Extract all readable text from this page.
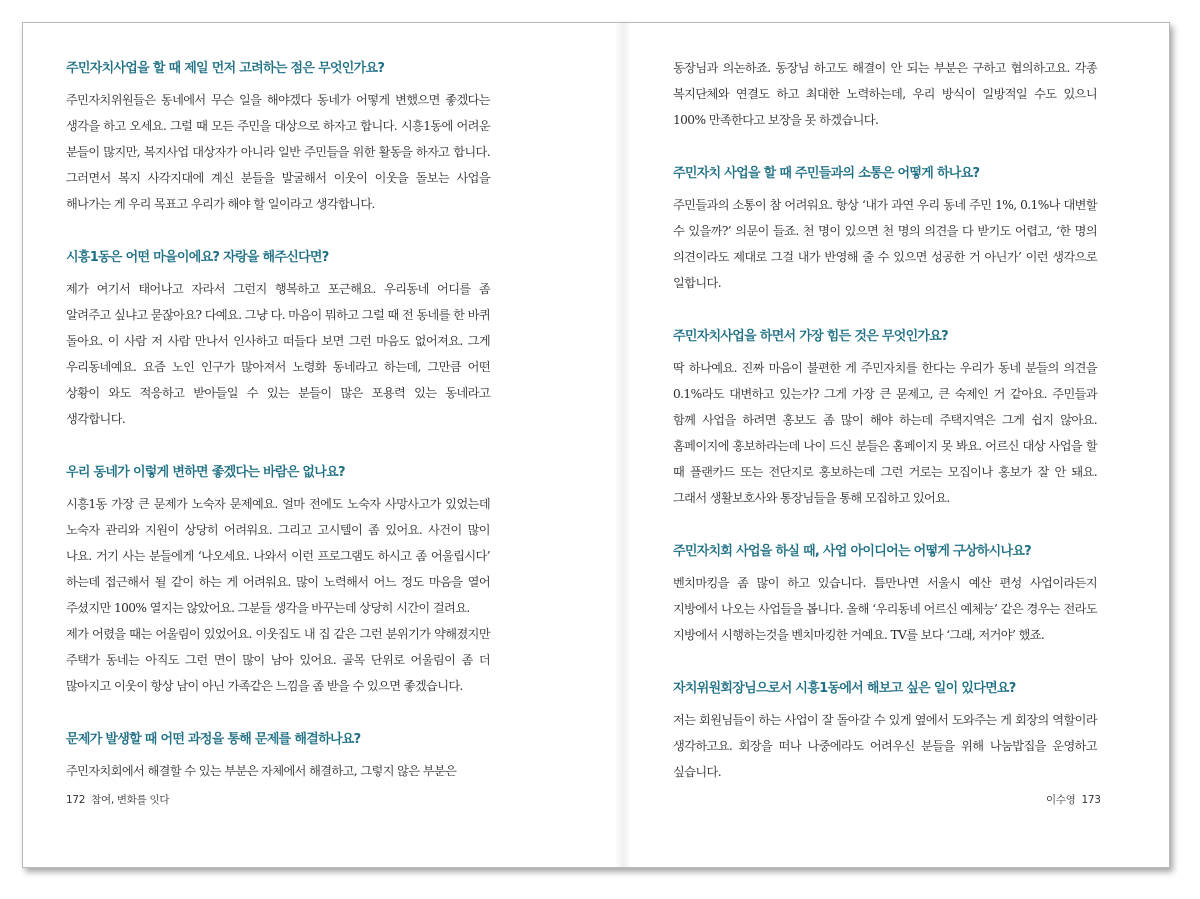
주민자치사업을 할 때 제일 먼저 고려하는 점은 무엇인가요?

주민자치위원들은 동네에서 무슨 일을 해야겠다 동네가 어떻게 변했으면 좋겠다는 생각을 하고 오세요. 그럴 때 모든 주민을 대상으로 하자고 합니다. 시흥1동에 어려운 분들이 많지만, 복지사업 대상자가 아니라 일반 주민들을 위한 활동을 하자고 합니다. 그러면서 복지 사각지대에 계신 분들을 발굴해서 이웃이 이웃을 돌보는 사업을 해나가는 게 우리 목표고 우리가 해야 할 일이라고 생각합니다.

시흥1동은 어떤 마을이에요? 자랑을 해주신다면?

제가 여기서 태어나고 자라서 그런지 행복하고 포근해요. 우리동네 어디를 좀 알려주고 싶냐고 묻잖아요? 다예요. 그냥 다. 마음이 뭐하고 그럴 때 전 동네를 한 바퀴 돌아요. 이 사람 저 사람 만나서 인사하고 떠들다 보면 그런 마음도 없어져요. 그게 우리동네예요. 요즘 노인 인구가 많아져서 노령화 동네라고 하는데, 그만큼 어떤 상황이 와도 적응하고 받아들일 수 있는 분들이 많은 포용력 있는 동네라고 생각합니다.

우리 동네가 이렇게 변하면 좋겠다는 바람은 없나요?

시흥1동 가장 큰 문제가 노숙자 문제예요. 얼마 전에도 노숙자 사망사고가 있었는데 노숙자 관리와 지원이 상당히 어려워요. 그리고 고시텔이 좀 있어요. 사건이 많이 나요. 거기 사는 분들에게 ‘나오세요. 나와서 이런 프로그램도 하시고 좀 어울립시다’ 하는데 접근해서 될 같이 하는 게 어려워요. 많이 노력해서 어느 정도 마음을 열어 주셨지만 100% 열지는 않았어요. 그분들 생각을 바꾸는데 상당히 시간이 걸려요.

제가 어렸을 때는 어울림이 있었어요. 이웃집도 내 집 같은 그런 분위기가 약해졌지만 주택가 동네는 아직도 그런 면이 많이 남아 있어요. 골목 단위로 어울림이 좀 더 많아지고 이웃이 항상 남이 아닌 가족같은 느낌을 좀 받을 수 있으면 좋겠습니다.

문제가 발생할 때 어떤 과정을 통해 문제를 해결하나요?

주민자치회에서 해결할 수 있는 부분은 자체에서 해결하고, 그렇지 않은 부분은

172 참여, 변화를 잇다

동장님과 의논하죠. 동장님 하고도 해결이 안 되는 부분은 구하고 협의하고요. 각종 복지단체와 연결도 하고 최대한 노력하는데, 우리 방식이 일방적일 수도 있으니 100% 만족한다고 보장을 못 하겠습니다.

주민자치 사업을 할 때 주민들과의 소통은 어떻게 하나요?

주민들과의 소통이 참 어려워요. 항상 ‘내가 과연 우리 동네 주민 1%, 0.1%나 대변할 수 있을까?’ 의문이 들죠. 천 명이 있으면 천 명의 의견을 다 받기도 어렵고, ‘한 명의 의견이라도 제대로 그걸 내가 반영해 줄 수 있으면 성공한 거 아닌가’ 이런 생각으로 일합니다.

주민자치사업을 하면서 가장 힘든 것은 무엇인가요?

딱 하나예요. 진짜 마음이 불편한 게 주민자치를 한다는 우리가 동네 분들의 의견을 0.1%라도 대변하고 있는가? 그게 가장 큰 문제고, 큰 숙제인 거 같아요. 주민들과 함께 사업을 하려면 홍보도 좀 많이 해야 하는데 주택지역은 그게 쉽지 않아요. 홈페이지에 홍보하라는데 나이 드신 분들은 홈페이지 못 봐요. 어르신 대상 사업을 할 때 플랜카드 또는 전단지로 홍보하는데 그런 거로는 모집이나 홍보가 잘 안 돼요. 그래서 생활보호사와 통장님들을 통해 모집하고 있어요.

주민자치회 사업을 하실 때, 사업 아이디어는 어떻게 구상하시나요?

벤치마킹을 좀 많이 하고 있습니다. 틈만나면 서울시 예산 편성 사업이라든지 지방에서 나오는 사업들을 봅니다. 올해 ‘우리동네 어르신 예체능’ 같은 경우는 전라도 지방에서 시행하는것을 벤치마킹한 거예요. TV를 보다 ‘그래, 저거야’ 했죠.

자치위원회장님으로서 시흥1동에서 해보고 싶은 일이 있다면요?

저는 회원님들이 하는 사업이 잘 돌아갈 수 있게 옆에서 도와주는 게 회장의 역할이라 생각하고요. 회장을 떠나 나중에라도 어려우신 분들을 위해 나눔밥집을 운영하고 싶습니다.

이수영 173
